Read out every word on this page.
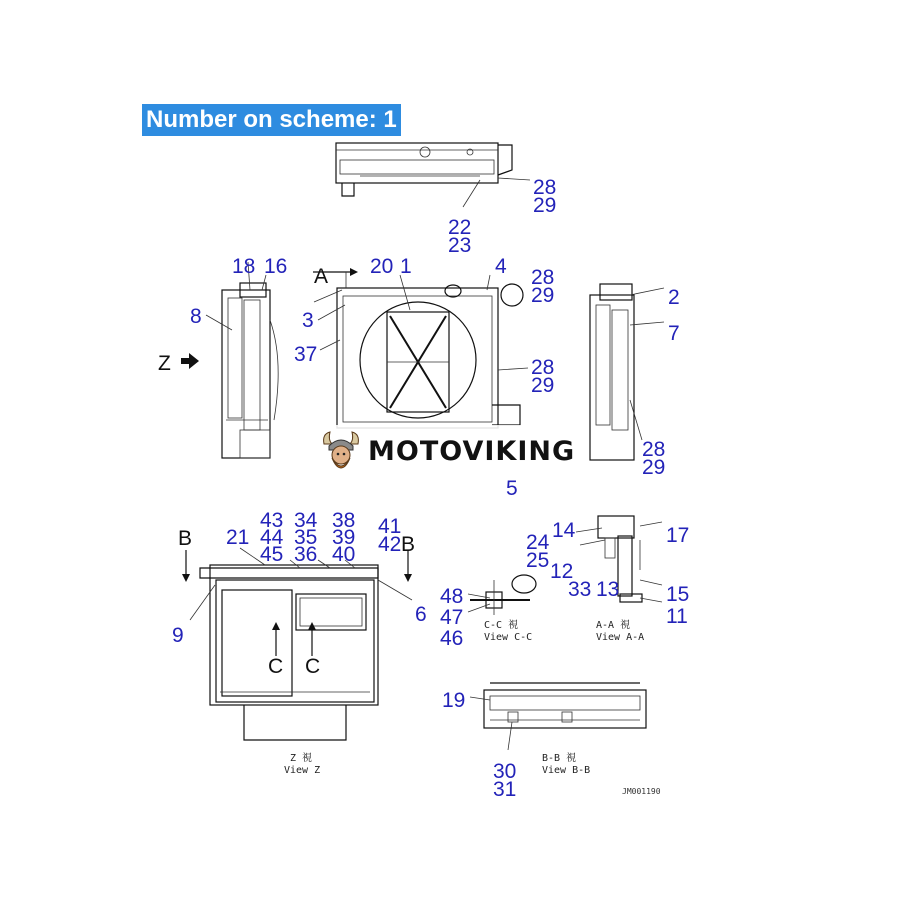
28
29
22
23
18 16	20 1	4 28
29	2
8	3
7
37
28
29
28
29
5
43 34 38 41
21 44 35 39 42
45 36 40
9
6
14	17
24
25 12
33 13 15
11
48
47
46
19
30
31
A
B	B
C C
Z
Z 視
View Z
C-C 視
View C-C
A-A 視
View A-A
B-B 視
View B-B
JM001190
Number on scheme: 1
MOTOVIKING
